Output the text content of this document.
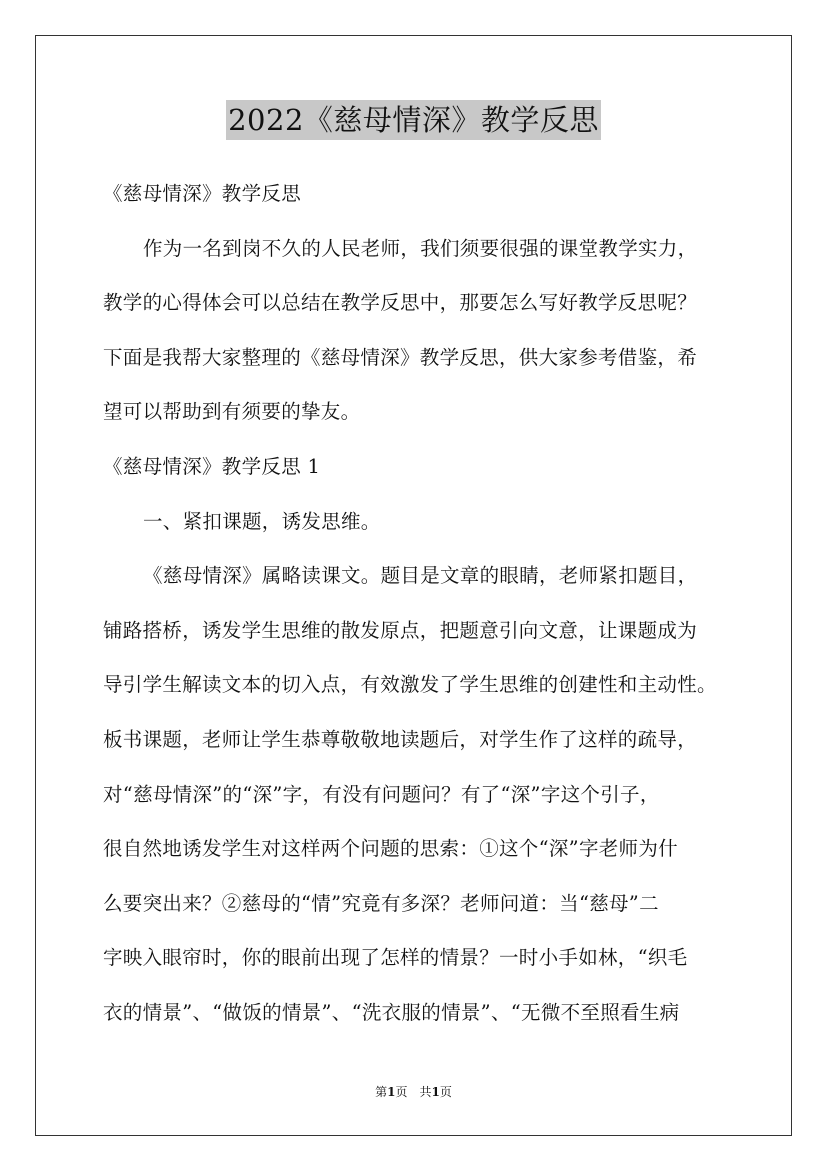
2022《慈母情深》教学反思
《慈母情深》教学反思
作为一名到岗不久的人民老师，我们须要很强的课堂教学实力，
教学的心得体会可以总结在教学反思中，那要怎么写好教学反思呢？
下面是我帮大家整理的《慈母情深》教学反思，供大家参考借鉴，希
望可以帮助到有须要的挚友。
《慈母情深》教学反思 1
一、紧扣课题，诱发思维。
《慈母情深》属略读课文。题目是文章的眼睛，老师紧扣题目，
铺路搭桥，诱发学生思维的散发原点，把题意引向文意，让课题成为
导引学生解读文本的切入点，有效激发了学生思维的创建性和主动性。
板书课题，老师让学生恭尊敬敬地读题后，对学生作了这样的疏导，
对“慈母情深”的“深”字，有没有问题问？有了“深”字这个引子，
很自然地诱发学生对这样两个问题的思索：①这个“深”字老师为什
么要突出来？②慈母的“情”究竟有多深？老师问道：当“慈母”二
字映入眼帘时，你的眼前出现了怎样的情景？一时小手如林，“织毛
衣的情景”、“做饭的情景”、“洗衣服的情景”、“无微不至照看生病
第1页　共1页
